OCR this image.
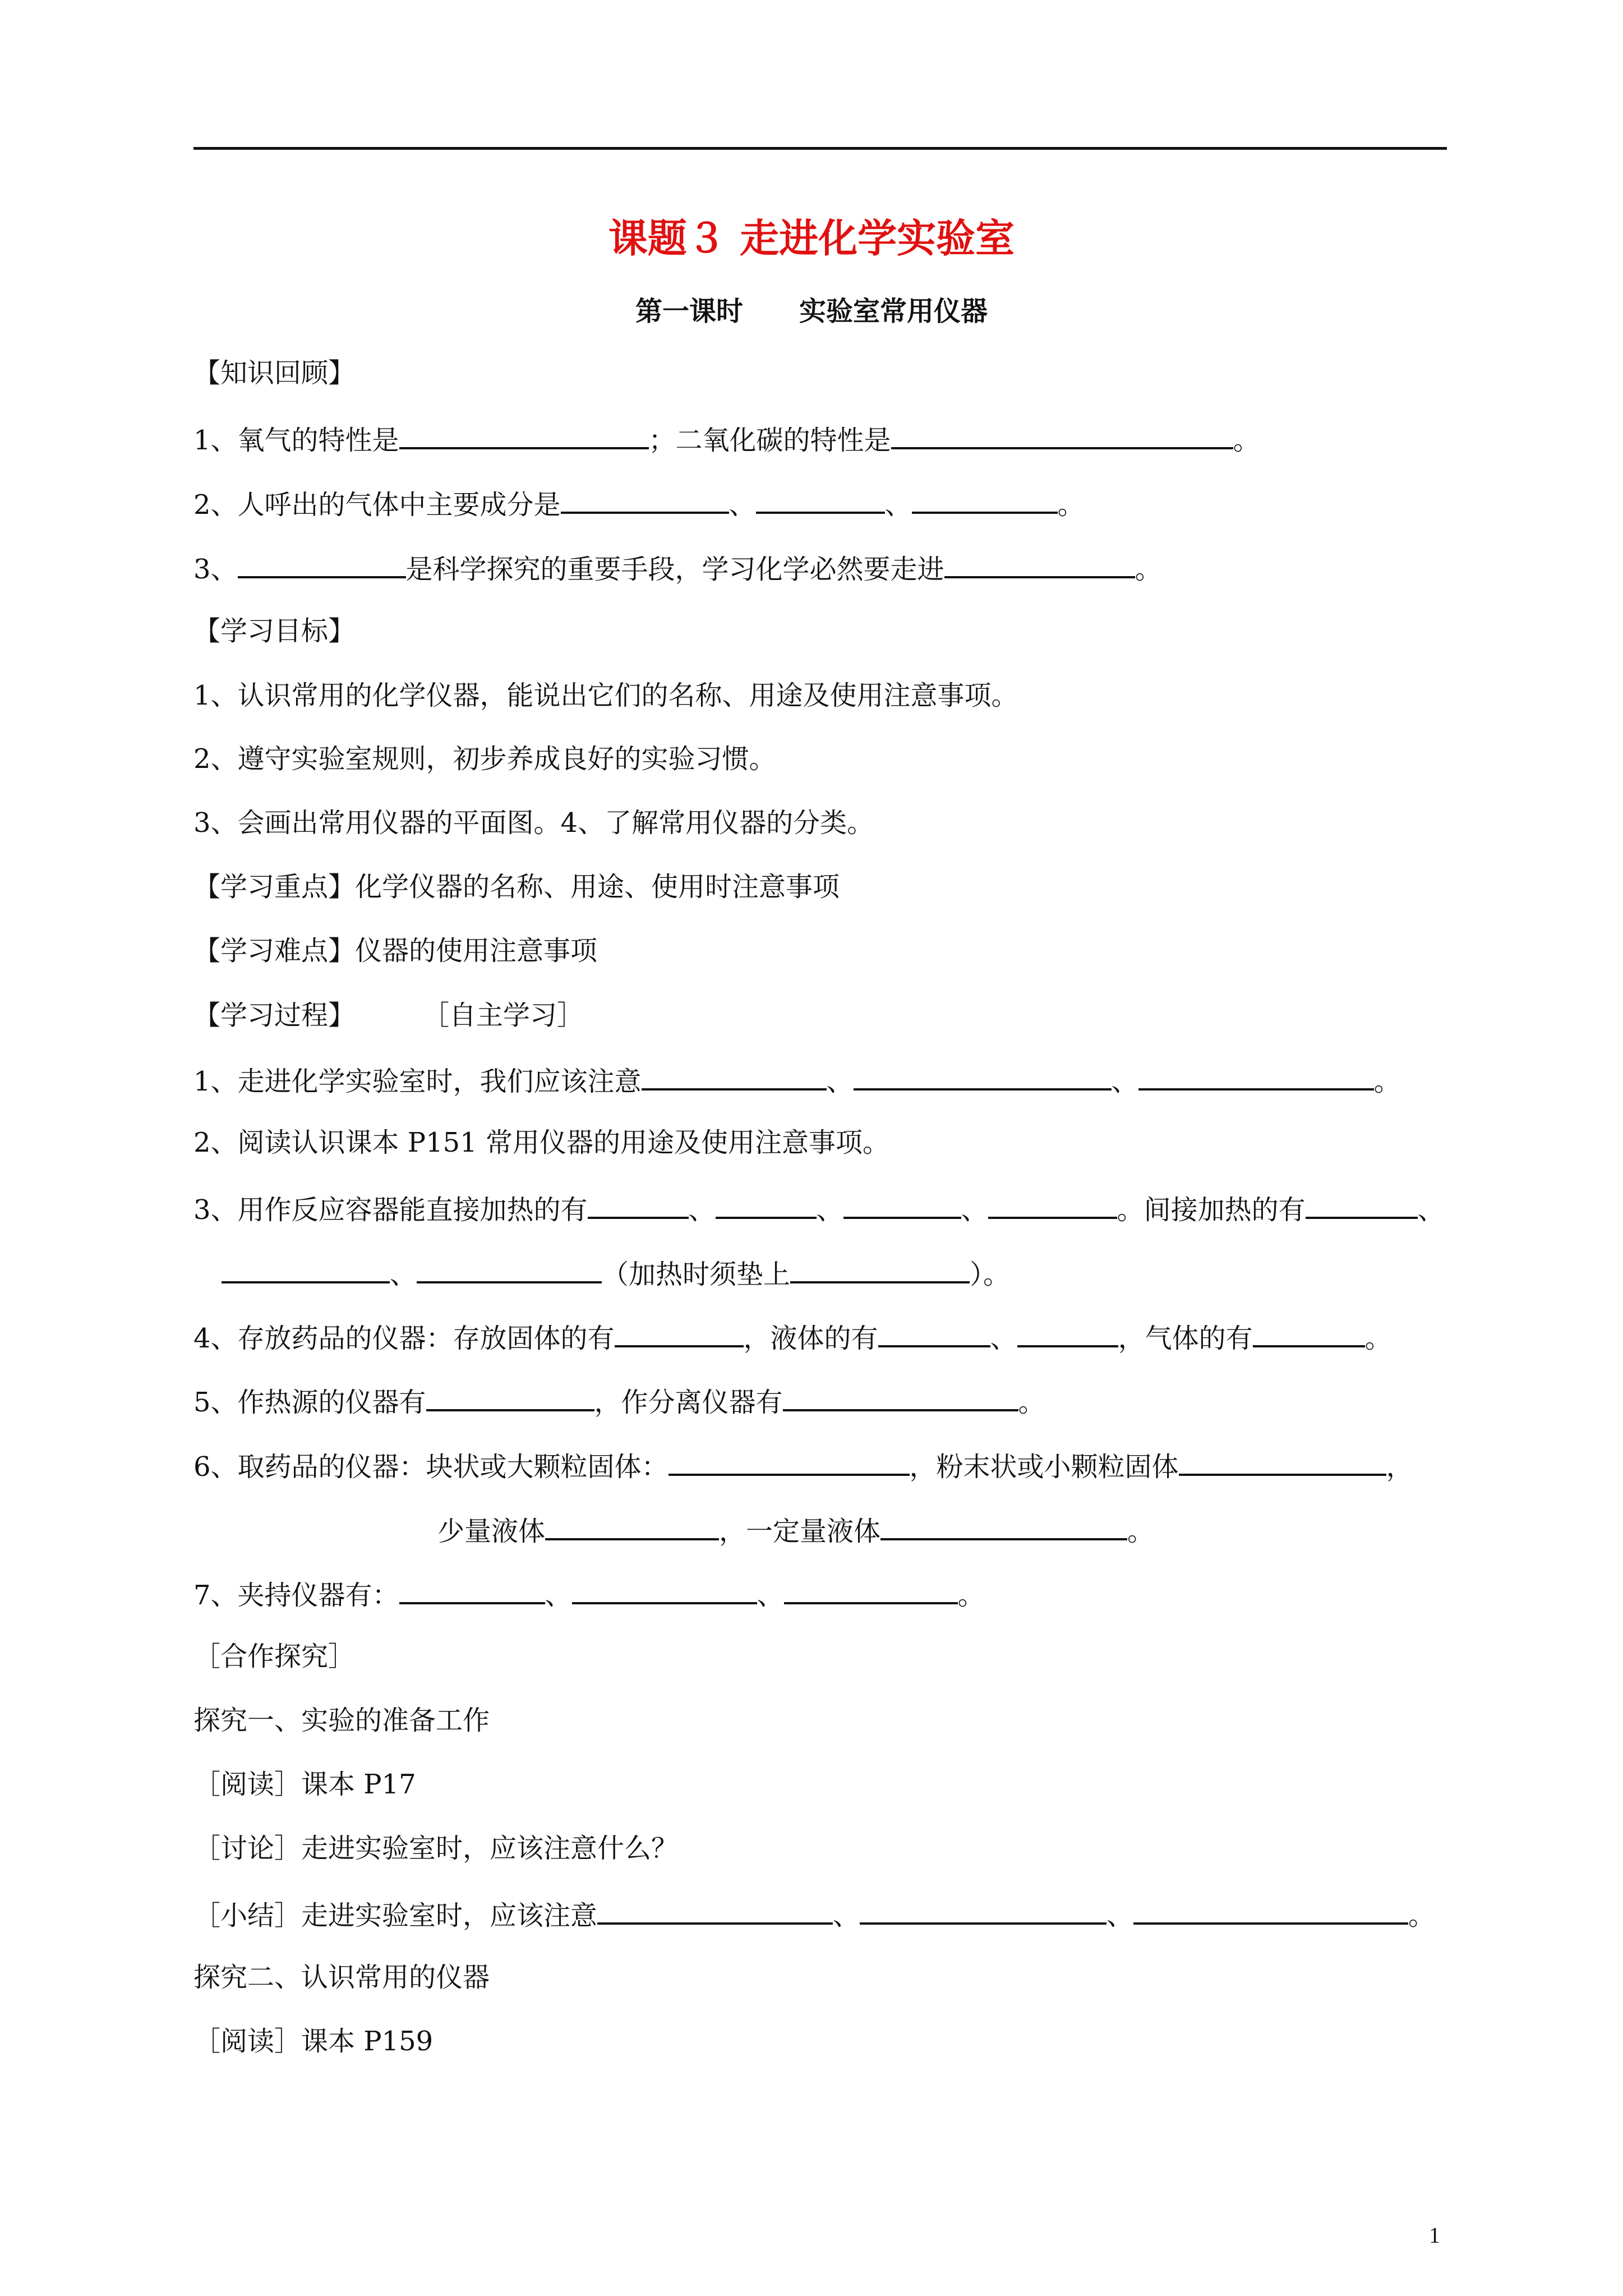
课题３ 走进化学实验室
第一课时 实验室常用仪器
【知识回顾】
1、氧气的特性是	；二氧化碳的特性是	。
2、人呼出的气体中主要成分是	、	、	。
3、	是科学探究的重要手段，学习化学必然要走进	。
【学习目标】
1、认识常用的化学仪器，能说出它们的名称、用途及使用注意事项。
2、遵守实验室规则，初步养成良好的实验习惯。
3、会画出常用仪器的平面图。4、了解常用仪器的分类。
【学习重点】化学仪器的名称、用途、使用时注意事项
【学习难点】仪器的使用注意事项
【学习过程】	［自主学习］
1、走进化学实验室时，我们应该注意	、	、	。
2、阅读认识课本 P151 常用仪器的用途及使用注意事项。
3、用作反应容器能直接加热的有	、	、	、	。间接加热的有	、
、	（加热时须垫上	）。
4、存放药品的仪器：存放固体的有	，液体的有	、	，气体的有	。
5、作热源的仪器有	，作分离仪器有	。
6、取药品的仪器：块状或大颗粒固体：	，粉末状或小颗粒固体	，
少量液体	，一定量液体	。
7、夹持仪器有：	、	、	。
［合作探究］
探究一、实验的准备工作
［阅读］课本 P17
［讨论］走进实验室时，应该注意什么？
［小结］走进实验室时，应该注意	、	、	。
探究二、认识常用的仪器
［阅读］课本 P159
1
